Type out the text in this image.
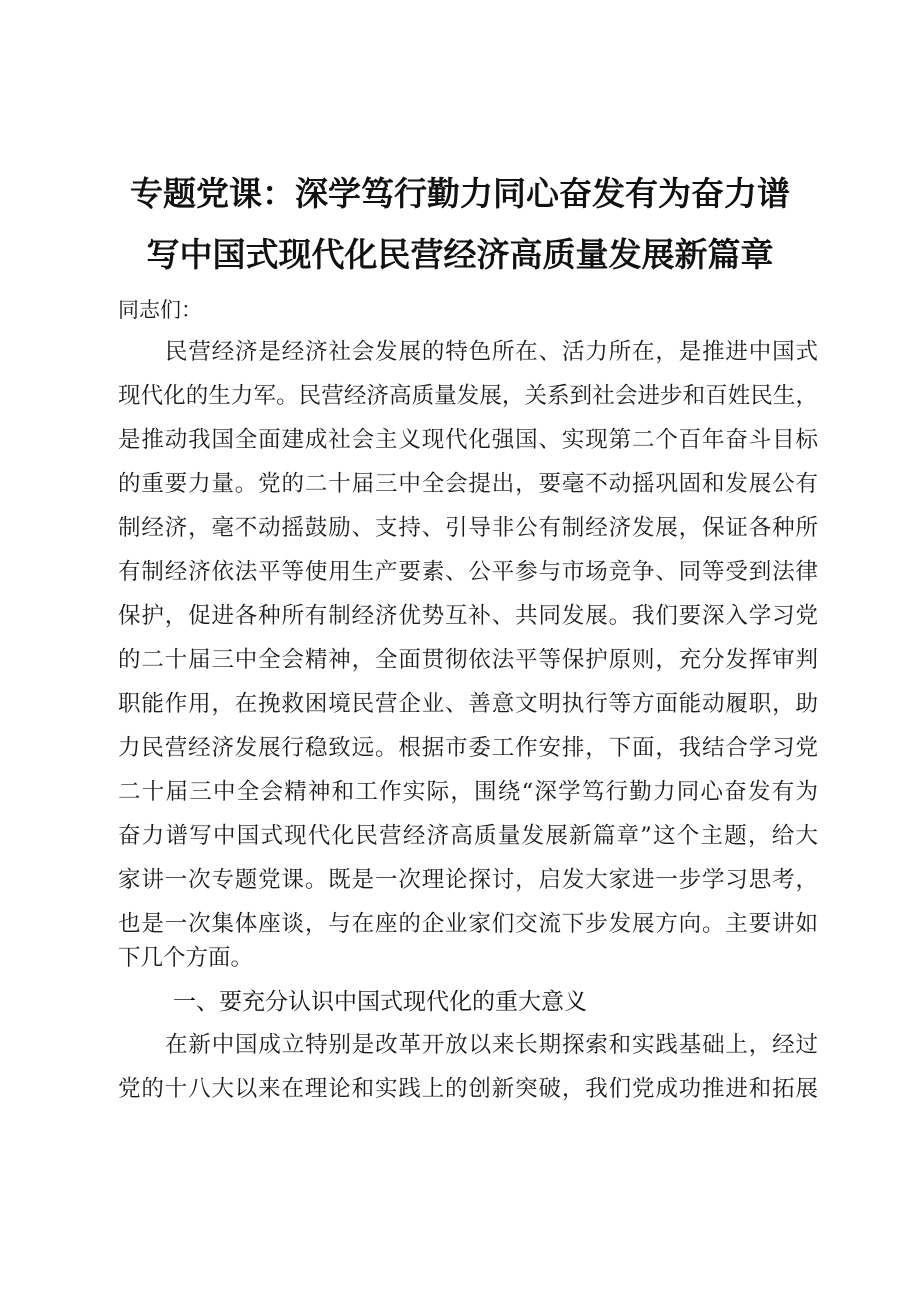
专题党课：深学笃行勤力同心奋发有为奋力谱
写中国式现代化民营经济高质量发展新篇章
同志们：
民营经济是经济社会发展的特色所在、活力所在，是推进中国式
现代化的生力军。民营经济高质量发展，关系到社会进步和百姓民生，
是推动我国全面建成社会主义现代化强国、实现第二个百年奋斗目标
的重要力量。党的二十届三中全会提出，要毫不动摇巩固和发展公有
制经济，毫不动摇鼓励、支持、引导非公有制经济发展，保证各种所
有制经济依法平等使用生产要素、公平参与市场竞争、同等受到法律
保护，促进各种所有制经济优势互补、共同发展。我们要深入学习党
的二十届三中全会精神，全面贯彻依法平等保护原则，充分发挥审判
职能作用，在挽救困境民营企业、善意文明执行等方面能动履职，助
力民营经济发展行稳致远。根据市委工作安排，下面，我结合学习党
二十届三中全会精神和工作实际，围绕“深学笃行勤力同心奋发有为
奋力谱写中国式现代化民营经济高质量发展新篇章”这个主题，给大
家讲一次专题党课。既是一次理论探讨，启发大家进一步学习思考，
也是一次集体座谈，与在座的企业家们交流下步发展方向。主要讲如
下几个方面。
一、要充分认识中国式现代化的重大意义
在新中国成立特别是改革开放以来长期探索和实践基础上，经过
党的十八大以来在理论和实践上的创新突破，我们党成功推进和拓展
